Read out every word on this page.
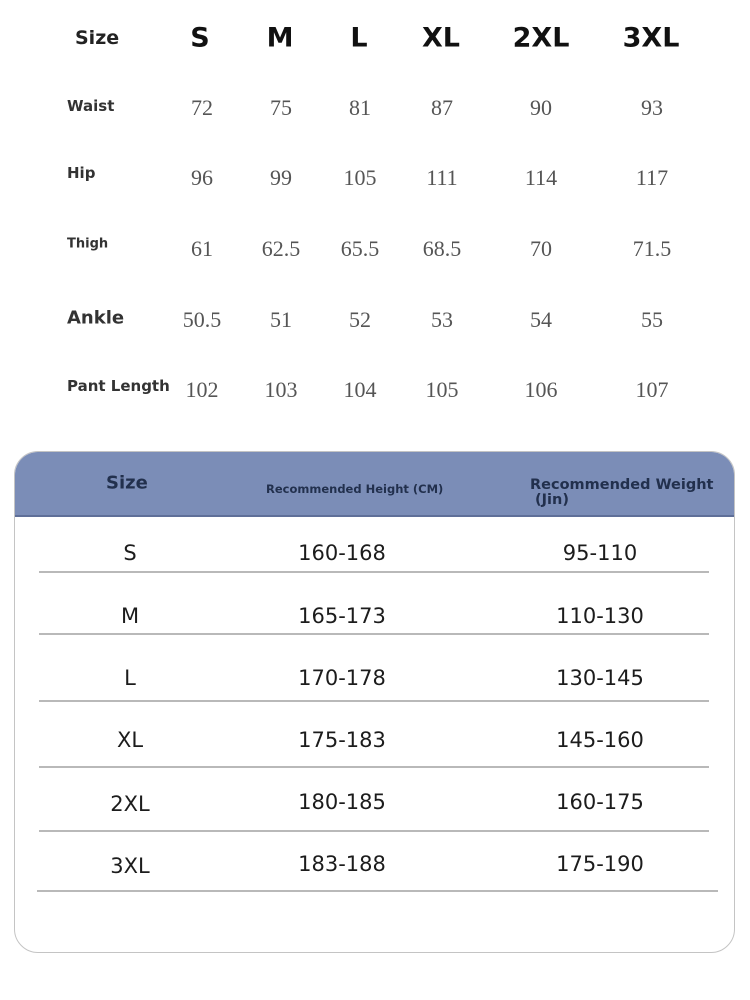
Size	S M L XL 2XL 3XL
Waist	72	75	81	87	90	93
Hip	96	99 105 111	114	117
Thigh	61 62.5 65.5 68.5	70	71.5
Ankle	50.5 51	52	53	54	55
Pant Length 102 103 104 105	106	107
Size	Recommended Height (CM)	Recommended Weight
(Jin)
S	160-168	95-110
M	165-173	110-130
L	170-178	130-145
XL	175-183	145-160
2XL	180-185	160-175
3XL	183-188	175-190
